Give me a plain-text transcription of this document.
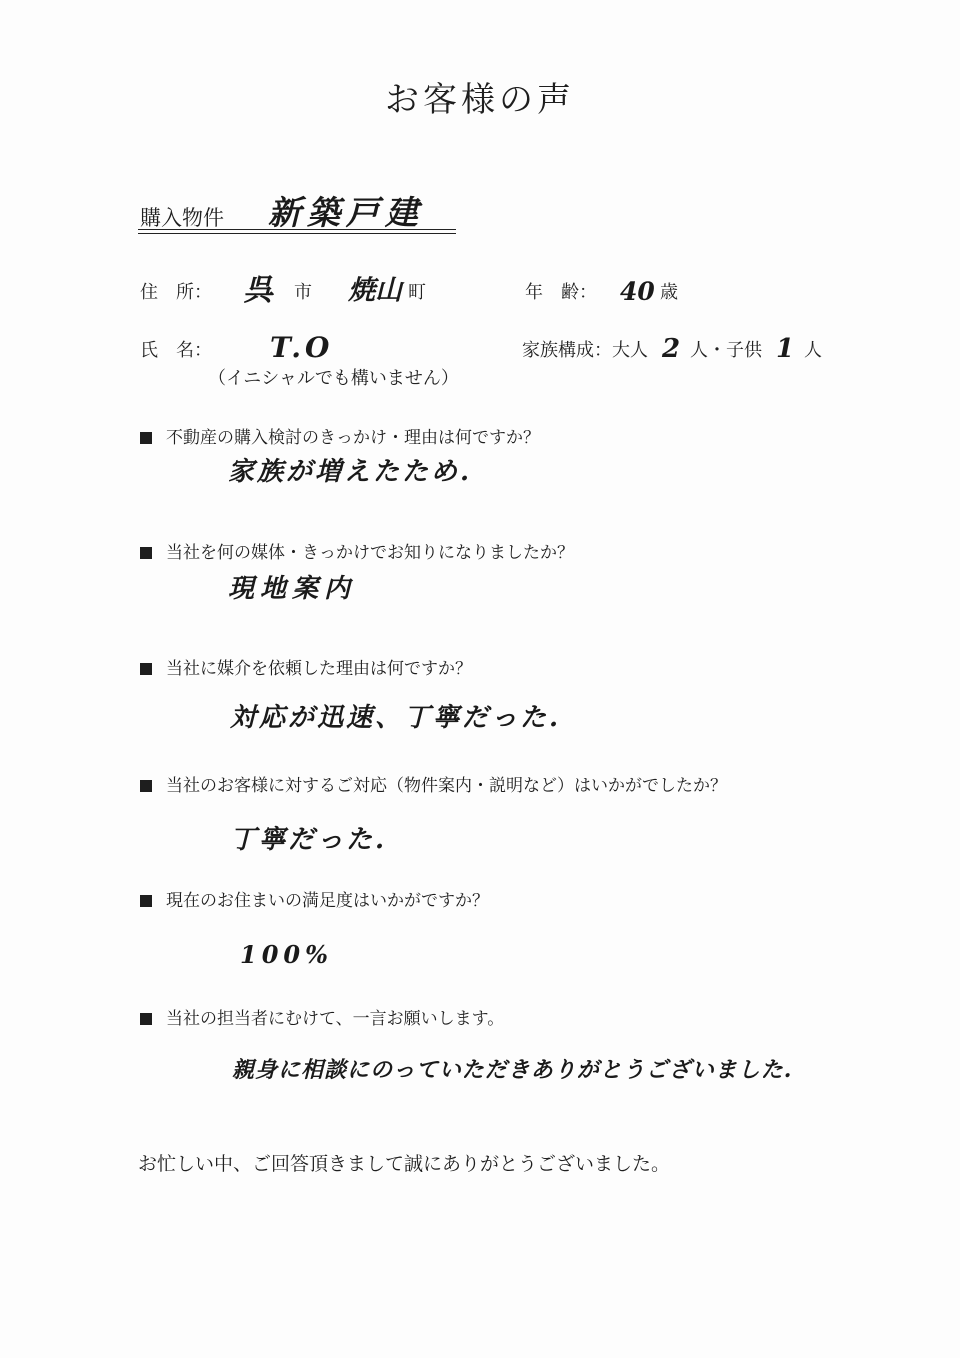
お客様の声
購入物件 新築戸建
住　所： 呉 市 焼山 町	年　齢： 40 歳
氏　名： T.O
（イニシャルでも構いません）
家族構成：大人 2 人・子供 1 人
不動産の購入検討のきっかけ・理由は何ですか？
家族が増えたため.
当社を何の媒体・きっかけでお知りになりましたか？
現地案内
当社に媒介を依頼した理由は何ですか？
対応が迅速、丁寧だった.
当社のお客様に対するご対応（物件案内・説明など）はいかがでしたか？
丁寧だった.
現在のお住まいの満足度はいかがですか？
100%
当社の担当者にむけて、一言お願いします。
親身に相談にのっていただきありがとうございました.
お忙しい中、ご回答頂きまして誠にありがとうございました。
